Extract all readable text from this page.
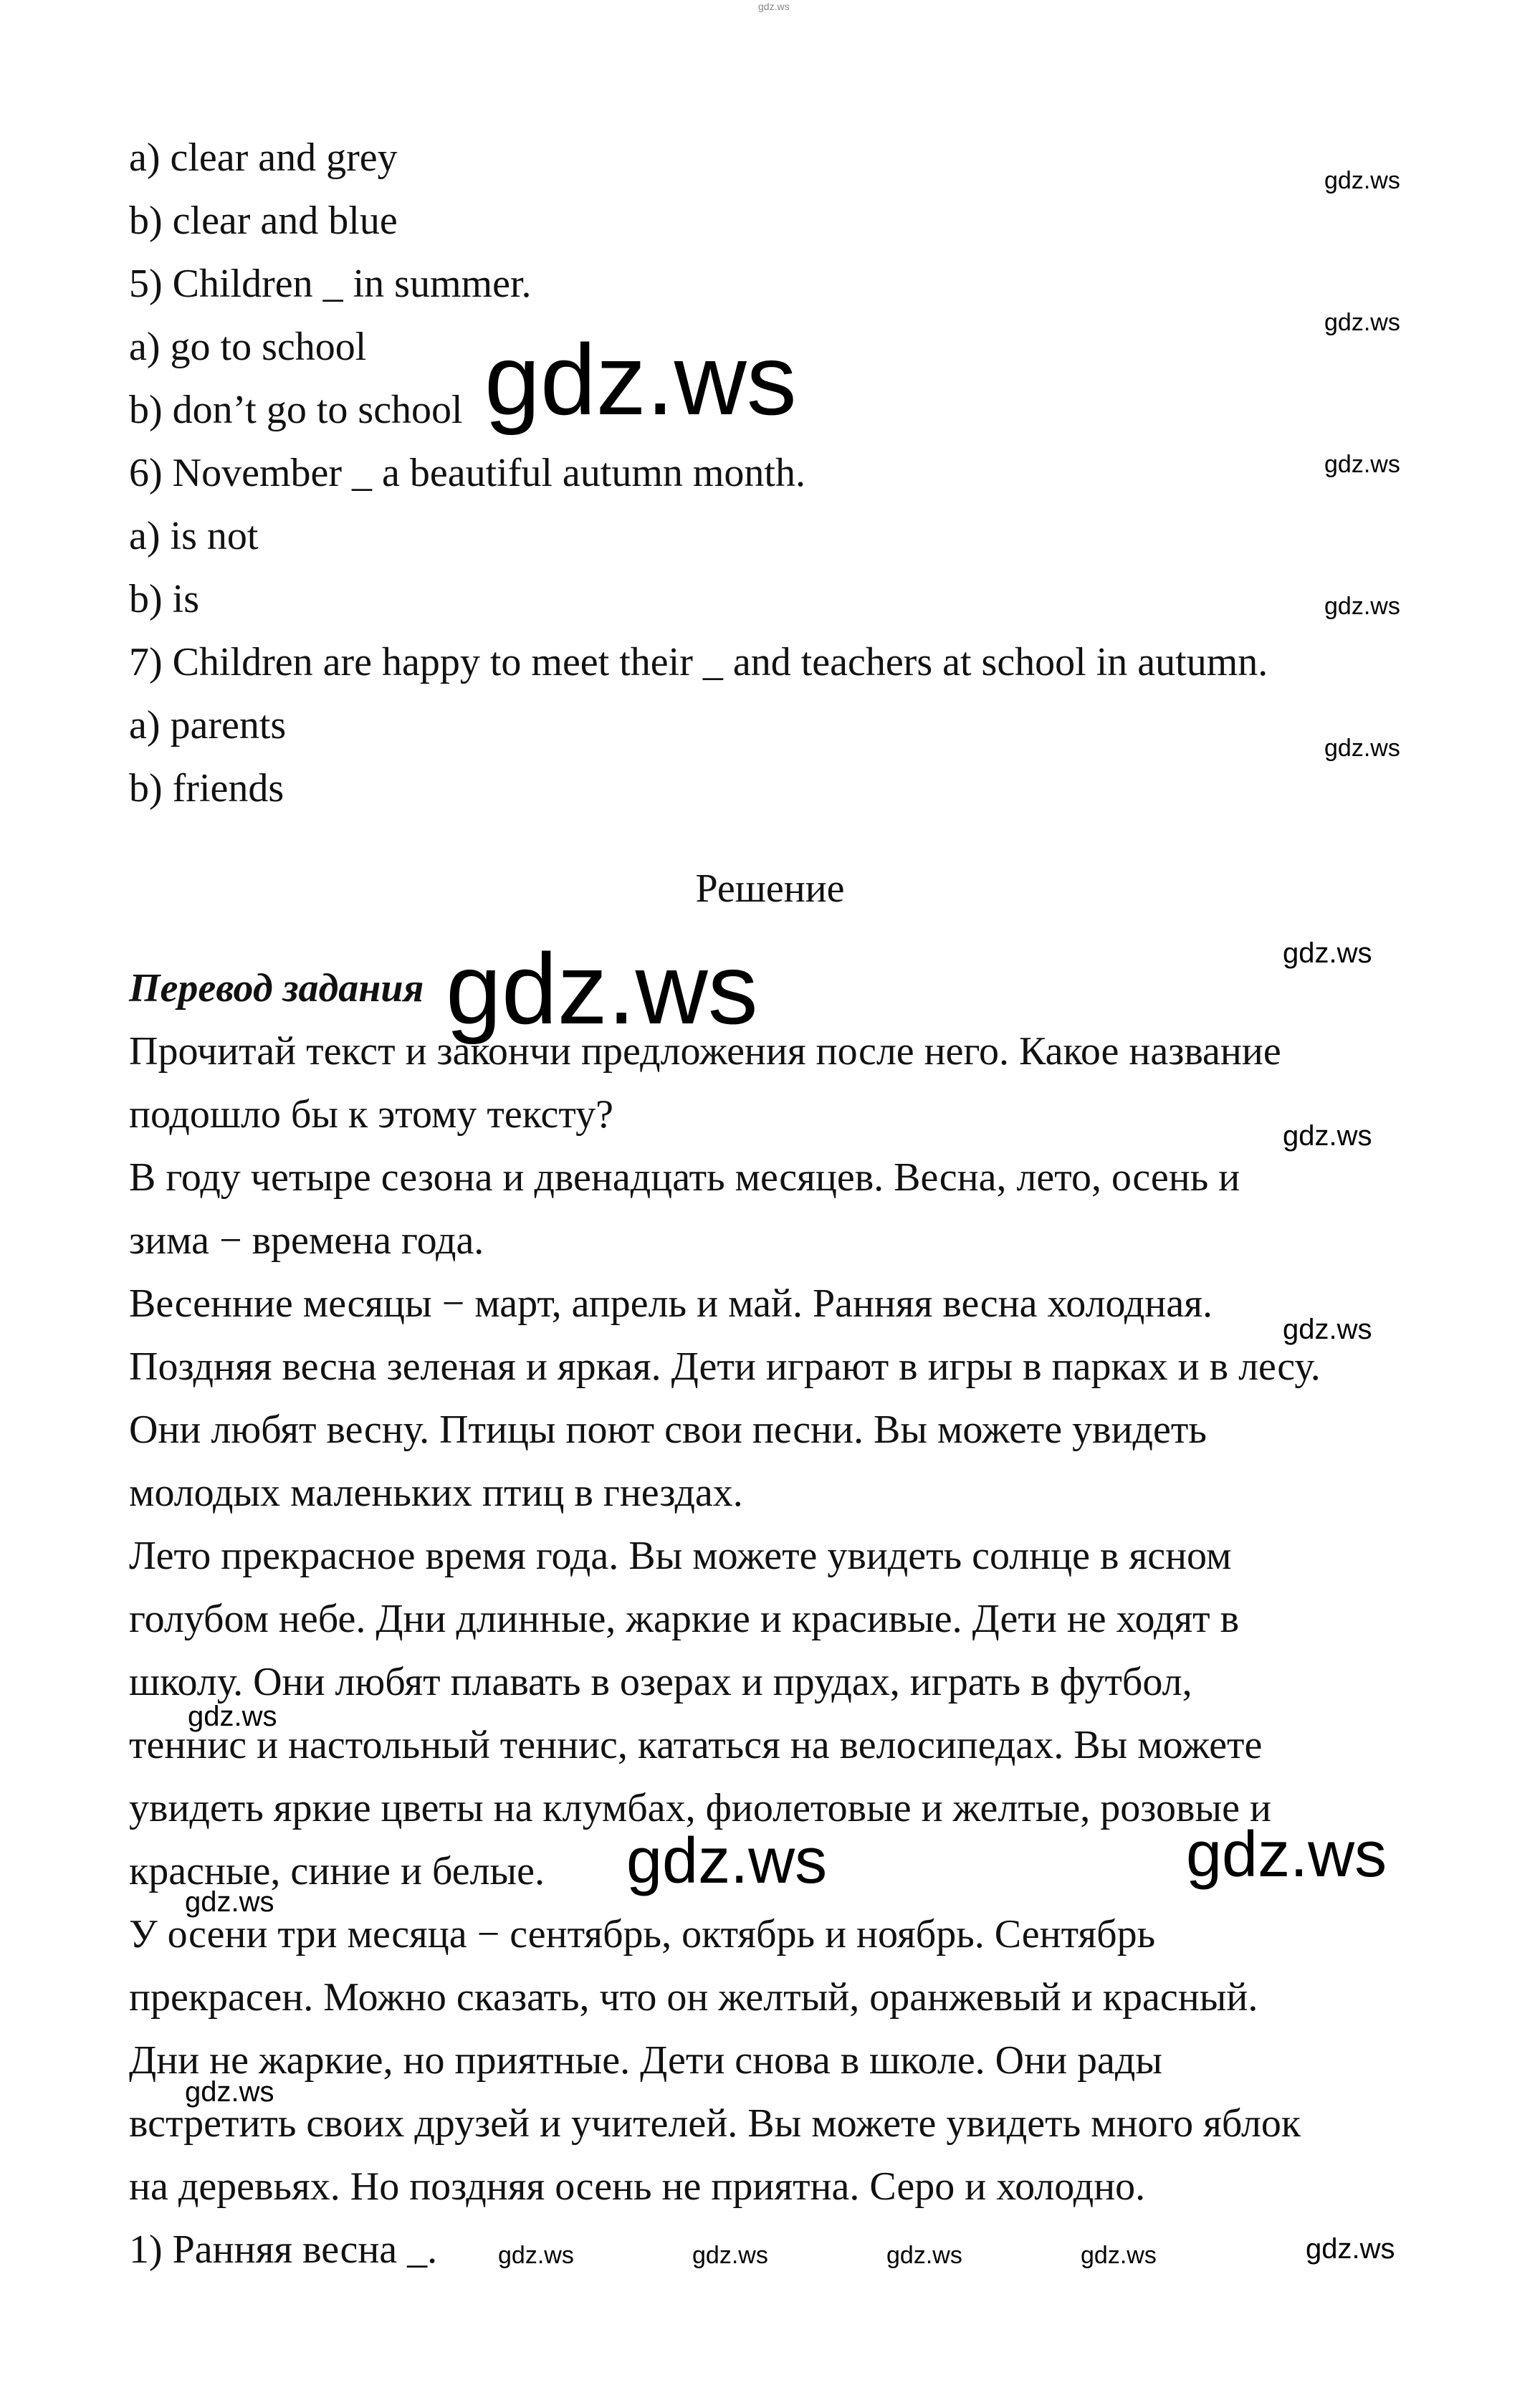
a) clear and grey

b) clear and blue

5) Children _ in summer.

a) go to school

b) don’t go to school

6) November _ a beautiful autumn month.

a) is not

b) is

7) Children are happy to meet their _ and teachers at school in autumn.

a) parents

b) friends

Решение

Перевод задания

Прочитай текст и закончи предложения после него. Какое название

подошло бы к этому тексту?

В году четыре сезона и двенадцать месяцев. Весна, лето, осень и

зима − времена года.

Весенние месяцы − март, апрель и май. Ранняя весна холодная.

Поздняя весна зеленая и яркая. Дети играют в игры в парках и в лесу.

Они любят весну. Птицы поют свои песни. Вы можете увидеть

молодых маленьких птиц в гнездах.

Лето прекрасное время года. Вы можете увидеть солнце в ясном

голубом небе. Дни длинные, жаркие и красивые. Дети не ходят в

школу. Они любят плавать в озерах и прудах, играть в футбол,

теннис и настольный теннис, кататься на велосипедах. Вы можете

увидеть яркие цветы на клумбах, фиолетовые и желтые, розовые и

красные, синие и белые.

У осени три месяца − сентябрь, октябрь и ноябрь. Сентябрь

прекрасен. Можно сказать, что он желтый, оранжевый и красный.

Дни не жаркие, но приятные. Дети снова в школе. Они рады

встретить своих друзей и учителей. Вы можете увидеть много яблок

на деревьях. Но поздняя осень не приятна. Серо и холодно.

1) Ранняя весна _.

gdz.ws
gdz.ws
gdz.ws
gdz.ws
gdz.ws
gdz.ws
gdz.ws
gdz.ws
gdz.ws
gdz.ws
gdz.ws
gdz.ws
gdz.ws	gdz.ws
gdz.ws
gdz.ws
gdz.ws	gdz.ws	gdz.ws	gdz.ws	gdz.ws
